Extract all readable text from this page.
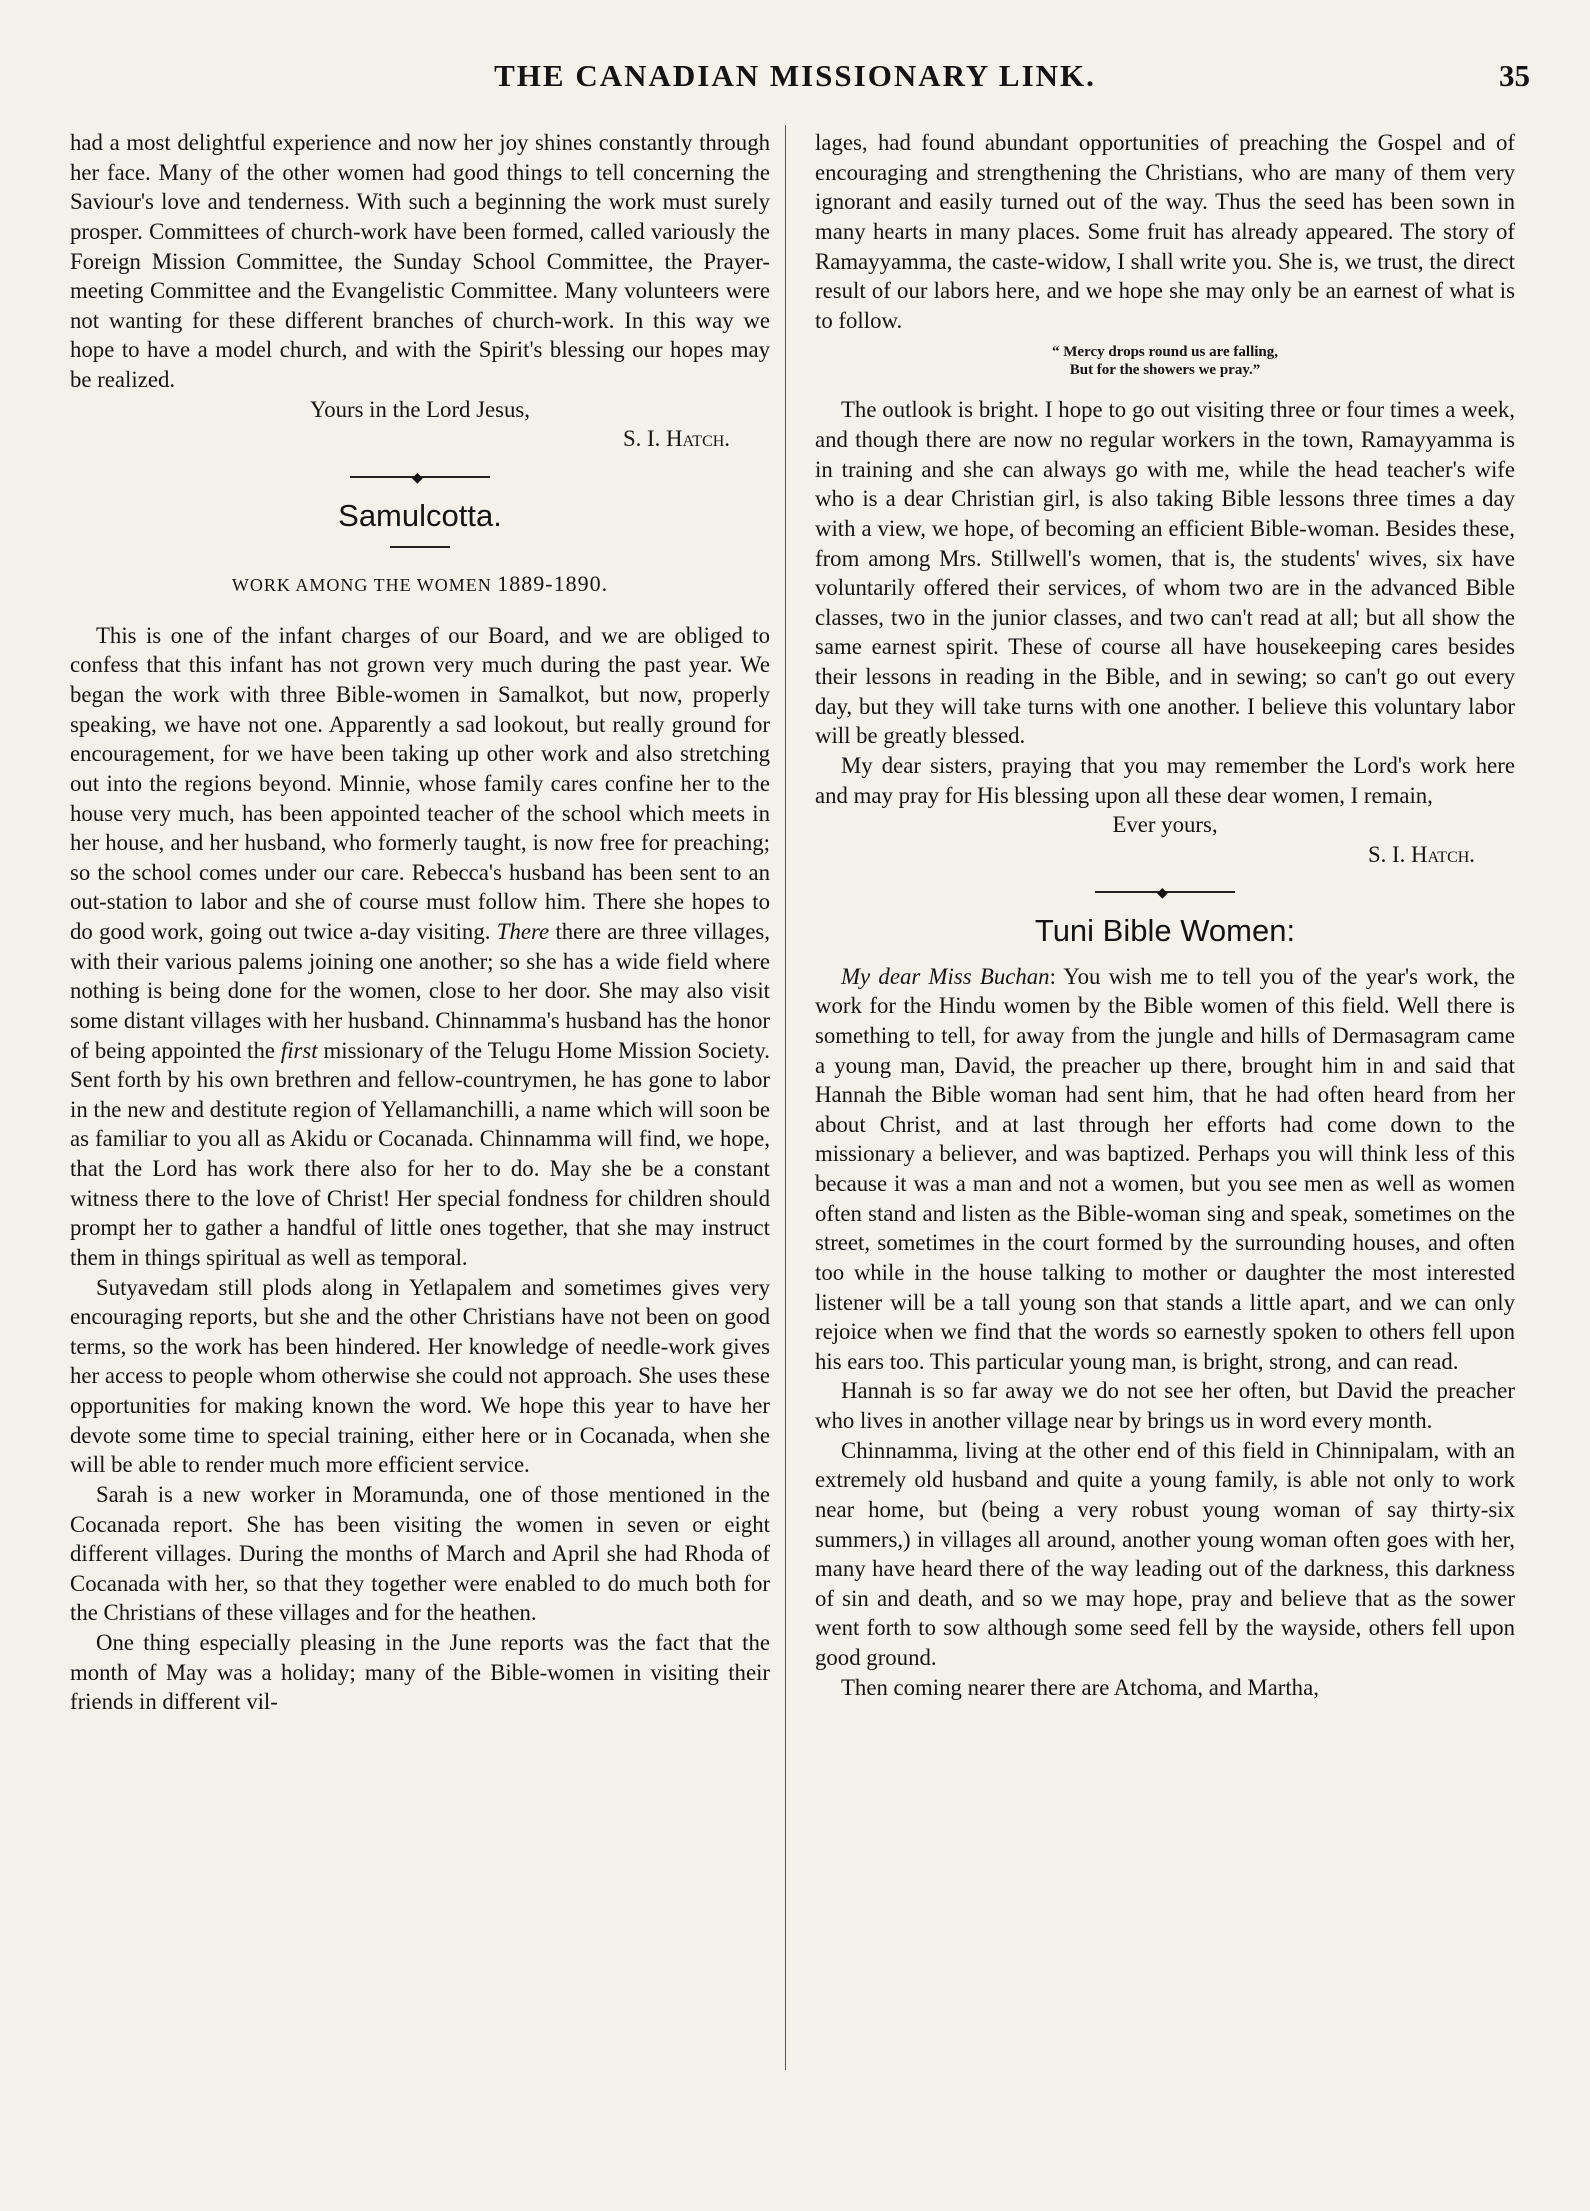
THE CANADIAN MISSIONARY LINK.	35

had a most delightful experience and now her joy shines constantly through her face. Many of the other women had good things to tell concerning the Saviour's love and tenderness. With such a beginning the work must surely prosper. Committees of church-work have been formed, called variously the Foreign Mission Committee, the Sunday School Committee, the Prayer-meeting Committee and the Evangelistic Committee. Many volunteers were not wanting for these different branches of church-work. In this way we hope to have a model church, and with the Spirit's blessing our hopes may be realized.

Yours in the Lord Jesus,

S. I. Hatch.

◆
Samulcotta.
WORK AMONG THE WOMEN 1889-1890.

This is one of the infant charges of our Board, and we are obliged to confess that this infant has not grown very much during the past year. We began the work with three Bible-women in Samalkot, but now, properly speaking, we have not one. Apparently a sad lookout, but really ground for encouragement, for we have been taking up other work and also stretching out into the regions beyond. Minnie, whose family cares confine her to the house very much, has been appointed teacher of the school which meets in her house, and her husband, who formerly taught, is now free for preaching; so the school comes under our care. Rebecca's husband has been sent to an out-station to labor and she of course must follow him. There she hopes to do good work, going out twice a-day visiting. There there are three villages, with their various palems joining one another; so she has a wide field where nothing is being done for the women, close to her door. She may also visit some distant villages with her husband. Chinnamma's husband has the honor of being appointed the first missionary of the Telugu Home Mission Society. Sent forth by his own brethren and fellow-countrymen, he has gone to labor in the new and destitute region of Yellamanchilli, a name which will soon be as familiar to you all as Akidu or Cocanada. Chinnamma will find, we hope, that the Lord has work there also for her to do. May she be a constant witness there to the love of Christ! Her special fondness for children should prompt her to gather a handful of little ones together, that she may instruct them in things spiritual as well as temporal.

Sutyavedam still plods along in Yetlapalem and sometimes gives very encouraging reports, but she and the other Christians have not been on good terms, so the work has been hindered. Her knowledge of needle-work gives her access to people whom otherwise she could not approach. She uses these opportunities for making known the word. We hope this year to have her devote some time to special training, either here or in Cocanada, when she will be able to render much more efficient service.

Sarah is a new worker in Moramunda, one of those mentioned in the Cocanada report. She has been visiting the women in seven or eight different villages. During the months of March and April she had Rhoda of Cocanada with her, so that they together were enabled to do much both for the Christians of these villages and for the heathen.

One thing especially pleasing in the June reports was the fact that the month of May was a holiday; many of the Bible-women in visiting their friends in different vil-

lages, had found abundant opportunities of preaching the Gospel and of encouraging and strengthening the Christians, who are many of them very ignorant and easily turned out of the way. Thus the seed has been sown in many hearts in many places. Some fruit has already appeared. The story of Ramayyamma, the caste-widow, I shall write you. She is, we trust, the direct result of our labors here, and we hope she may only be an earnest of what is to follow.

“ Mercy drops round us are falling,
But for the showers we pray.”

The outlook is bright. I hope to go out visiting three or four times a week, and though there are now no regular workers in the town, Ramayyamma is in training and she can always go with me, while the head teacher's wife who is a dear Christian girl, is also taking Bible lessons three times a day with a view, we hope, of becoming an efficient Bible-woman. Besides these, from among Mrs. Stillwell's women, that is, the students' wives, six have voluntarily offered their services, of whom two are in the advanced Bible classes, two in the junior classes, and two can't read at all; but all show the same earnest spirit. These of course all have housekeeping cares besides their lessons in reading in the Bible, and in sewing; so can't go out every day, but they will take turns with one another. I believe this voluntary labor will be greatly blessed.

My dear sisters, praying that you may remember the Lord's work here and may pray for His blessing upon all these dear women, I remain,

Ever yours,

S. I. Hatch.

◆
Tuni Bible Women:

My dear Miss Buchan: You wish me to tell you of the year's work, the work for the Hindu women by the Bible women of this field. Well there is something to tell, for away from the jungle and hills of Dermasagram came a young man, David, the preacher up there, brought him in and said that Hannah the Bible woman had sent him, that he had often heard from her about Christ, and at last through her efforts had come down to the missionary a believer, and was baptized. Perhaps you will think less of this because it was a man and not a women, but you see men as well as women often stand and listen as the Bible-woman sing and speak, sometimes on the street, sometimes in the court formed by the surrounding houses, and often too while in the house talking to mother or daughter the most interested listener will be a tall young son that stands a little apart, and we can only rejoice when we find that the words so earnestly spoken to others fell upon his ears too. This particular young man, is bright, strong, and can read.

Hannah is so far away we do not see her often, but David the preacher who lives in another village near by brings us in word every month.

Chinnamma, living at the other end of this field in Chinnipalam, with an extremely old husband and quite a young family, is able not only to work near home, but (being a very robust young woman of say thirty-six summers,) in villages all around, another young woman often goes with her, many have heard there of the way leading out of the darkness, this darkness of sin and death, and so we may hope, pray and believe that as the sower went forth to sow although some seed fell by the wayside, others fell upon good ground.

Then coming nearer there are Atchoma, and Martha,
